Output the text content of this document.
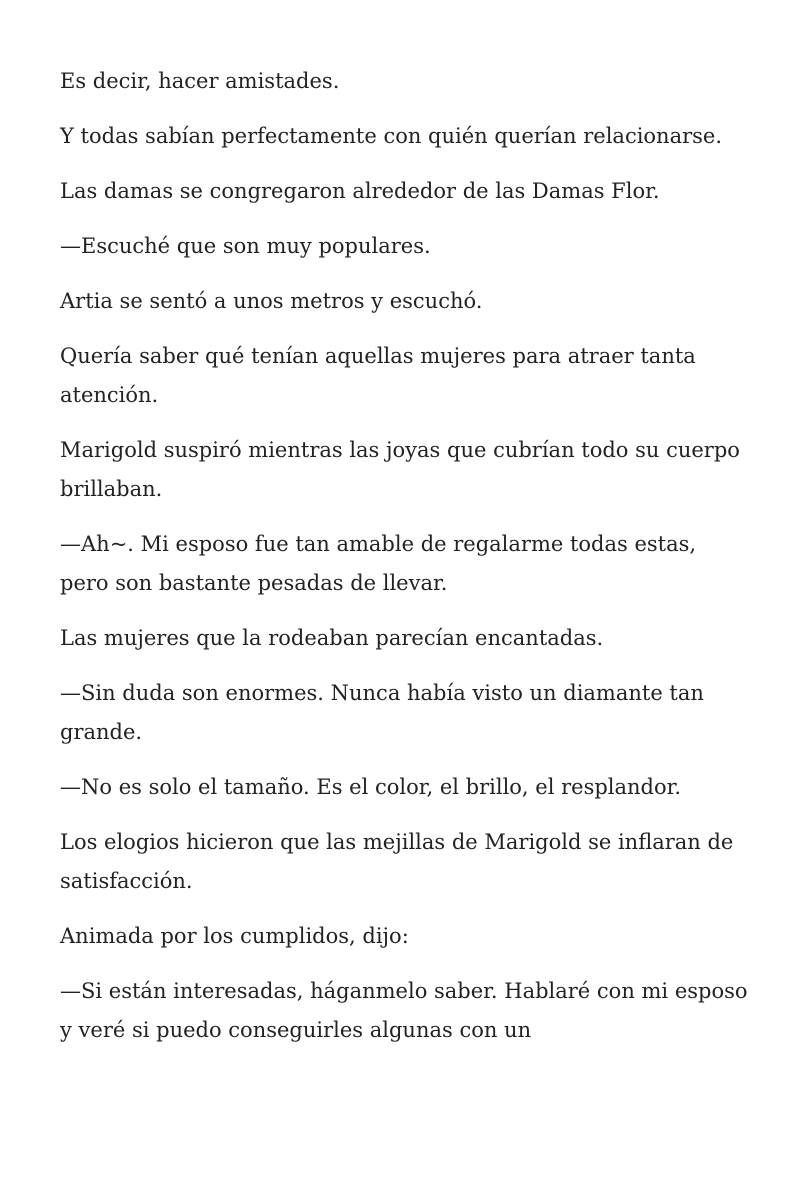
Es decir, hacer amistades.

Y todas sabían perfectamente con quién querían relacionarse.

Las damas se congregaron alrededor de las Damas Flor.

—Escuché que son muy populares.

Artia se sentó a unos metros y escuchó.

Quería saber qué tenían aquellas mujeres para atraer tanta atención.

Marigold suspiró mientras las joyas que cubrían todo su cuerpo brillaban.

—Ah~. Mi esposo fue tan amable de regalarme todas estas, pero son bastante pesadas de llevar.

Las mujeres que la rodeaban parecían encantadas.

—Sin duda son enormes. Nunca había visto un diamante tan grande.

—No es solo el tamaño. Es el color, el brillo, el resplandor.

Los elogios hicieron que las mejillas de Marigold se inflaran de satisfacción.

Animada por los cumplidos, dijo:

—Si están interesadas, háganmelo saber. Hablaré con mi esposo y veré si puedo conseguirles algunas con un
